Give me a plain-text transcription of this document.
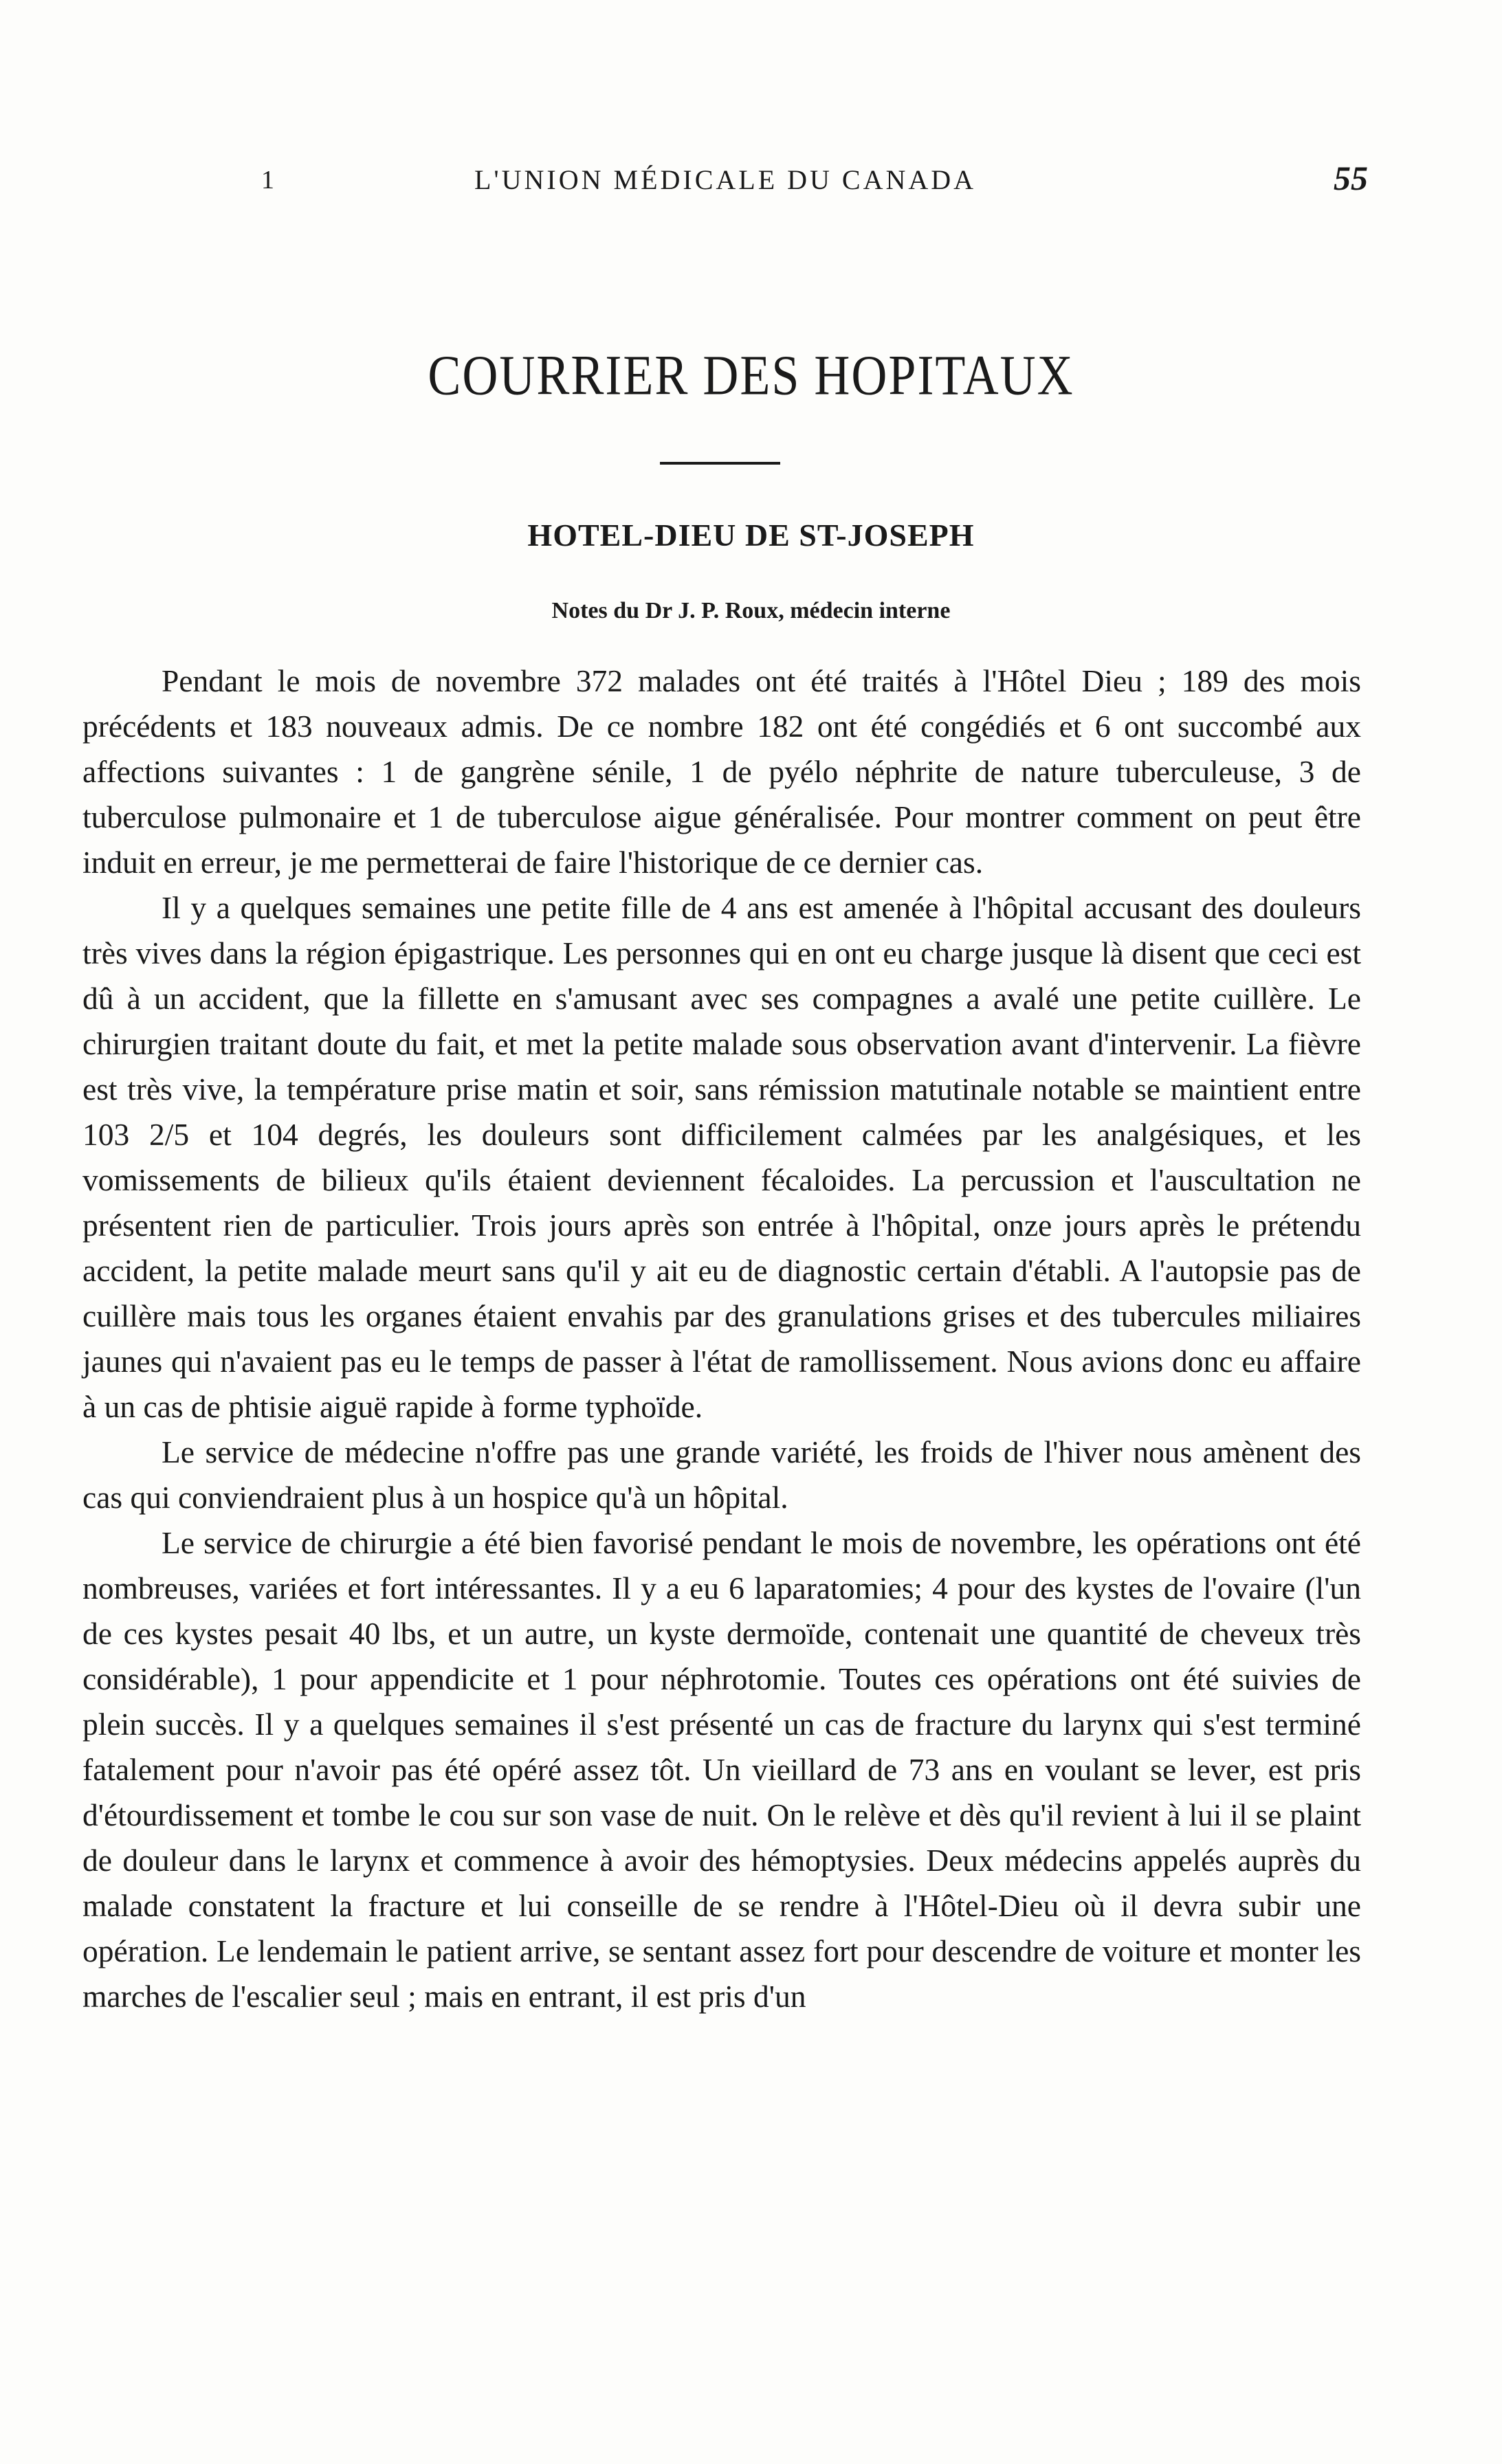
1	L'UNION MÉDICALE DU CANADA	55
COURRIER DES HOPITAUX
HOTEL-DIEU DE ST-JOSEPH
Notes du Dr J. P. Roux, médecin interne

Pendant le mois de novembre 372 malades ont été traités à l'Hôtel Dieu ; 189 des mois précédents et 183 nouveaux admis. De ce nombre 182 ont été congédiés et 6 ont succombé aux affections suivantes : 1 de gangrène sénile, 1 de pyélo néphrite de nature tuberculeuse, 3 de tuberculose pulmonaire et 1 de tuberculose aigue généralisée. Pour montrer comment on peut être induit en erreur, je me permetterai de faire l'historique de ce dernier cas.

Il y a quelques semaines une petite fille de 4 ans est amenée à l'hôpital accusant des douleurs très vives dans la région épigastrique. Les personnes qui en ont eu charge jusque là disent que ceci est dû à un accident, que la fillette en s'amusant avec ses compagnes a avalé une petite cuillère. Le chirurgien traitant doute du fait, et met la petite malade sous observation avant d'intervenir. La fièvre est très vive, la température prise matin et soir, sans rémission matutinale notable se maintient entre 103 2/5 et 104 degrés, les douleurs sont difficilement calmées par les analgésiques, et les vomissements de bilieux qu'ils étaient deviennent fécaloides. La percussion et l'auscultation ne présentent rien de particulier. Trois jours après son entrée à l'hôpital, onze jours après le prétendu accident, la petite malade meurt sans qu'il y ait eu de diagnostic certain d'établi. A l'autopsie pas de cuillère mais tous les organes étaient envahis par des granulations grises et des tubercules miliaires jaunes qui n'avaient pas eu le temps de passer à l'état de ramollissement. Nous avions donc eu affaire à un cas de phtisie aiguë rapide à forme typhoïde.

Le service de médecine n'offre pas une grande variété, les froids de l'hiver nous amènent des cas qui conviendraient plus à un hospice qu'à un hôpital.

Le service de chirurgie a été bien favorisé pendant le mois de novembre, les opérations ont été nombreuses, variées et fort intéressantes. Il y a eu 6 laparatomies; 4 pour des kystes de l'ovaire (l'un de ces kystes pesait 40 lbs, et un autre, un kyste dermoïde, contenait une quantité de cheveux très considérable), 1 pour appendicite et 1 pour néphrotomie. Toutes ces opérations ont été suivies de plein succès. Il y a quelques semaines il s'est présenté un cas de fracture du larynx qui s'est terminé fatalement pour n'avoir pas été opéré assez tôt. Un vieillard de 73 ans en voulant se lever, est pris d'étourdissement et tombe le cou sur son vase de nuit. On le relève et dès qu'il revient à lui il se plaint de douleur dans le larynx et commence à avoir des hémoptysies. Deux médecins appelés auprès du malade constatent la fracture et lui conseille de se rendre à l'Hôtel-Dieu où il devra subir une opération. Le lendemain le patient arrive, se sentant assez fort pour descendre de voiture et monter les marches de l'escalier seul ; mais en entrant, il est pris d'un
